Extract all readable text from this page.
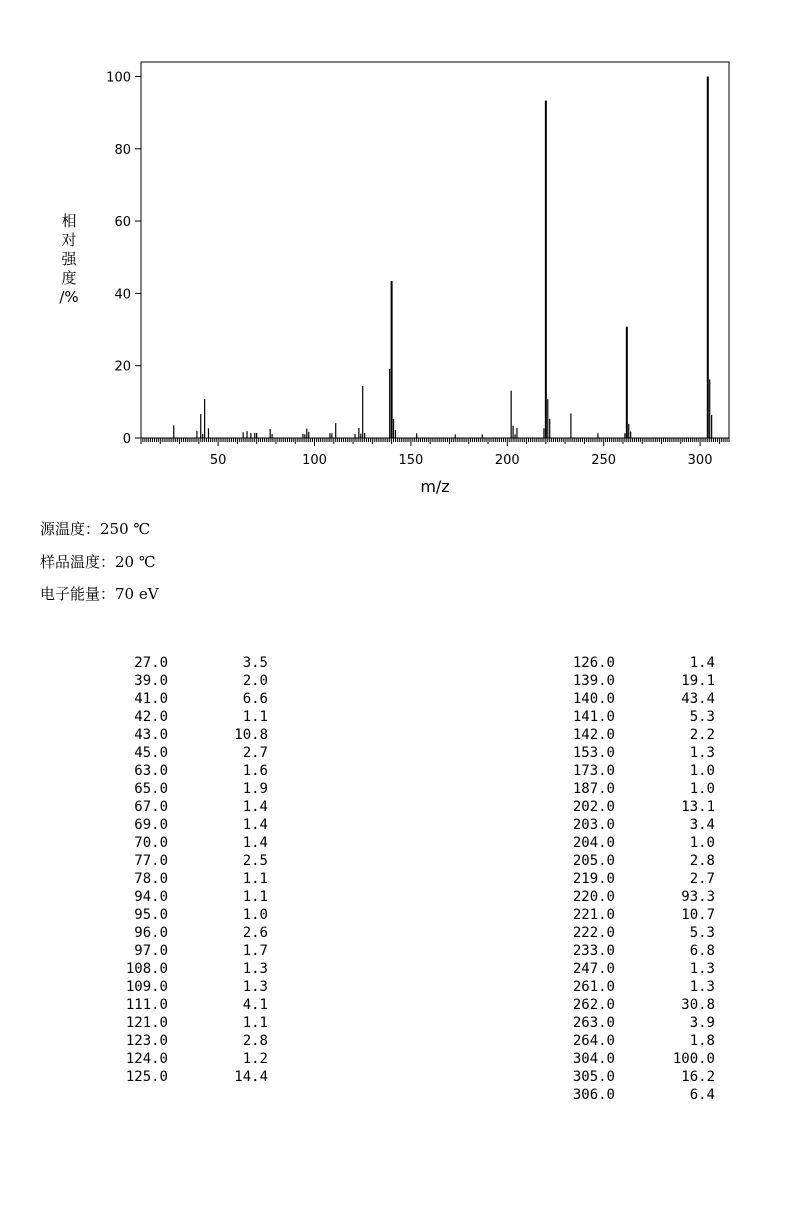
0
20
40
60
80
100
50	100	150	200	250	300
m/z
相对强度/%
源温度：250 ℃
样品温度：20 ℃
电子能量：70 eV
27.0	3.5
39.0	2.0
41.0	6.6
42.0	1.1
43.0	10.8
45.0	2.7
63.0	1.6
65.0	1.9
67.0	1.4
69.0	1.4
70.0	1.4
77.0	2.5
78.0	1.1
94.0	1.1
95.0	1.0
96.0	2.6
97.0	1.7
108.0	1.3
109.0	1.3
111.0	4.1
121.0	1.1
123.0	2.8
124.0	1.2
125.0	14.4
126.0	1.4
139.0	19.1
140.0	43.4
141.0	5.3
142.0	2.2
153.0	1.3
173.0	1.0
187.0	1.0
202.0	13.1
203.0	3.4
204.0	1.0
205.0	2.8
219.0	2.7
220.0	93.3
221.0	10.7
222.0	5.3
233.0	6.8
247.0	1.3
261.0	1.3
262.0	30.8
263.0	3.9
264.0	1.8
304.0	100.0
305.0	16.2
306.0	6.4
